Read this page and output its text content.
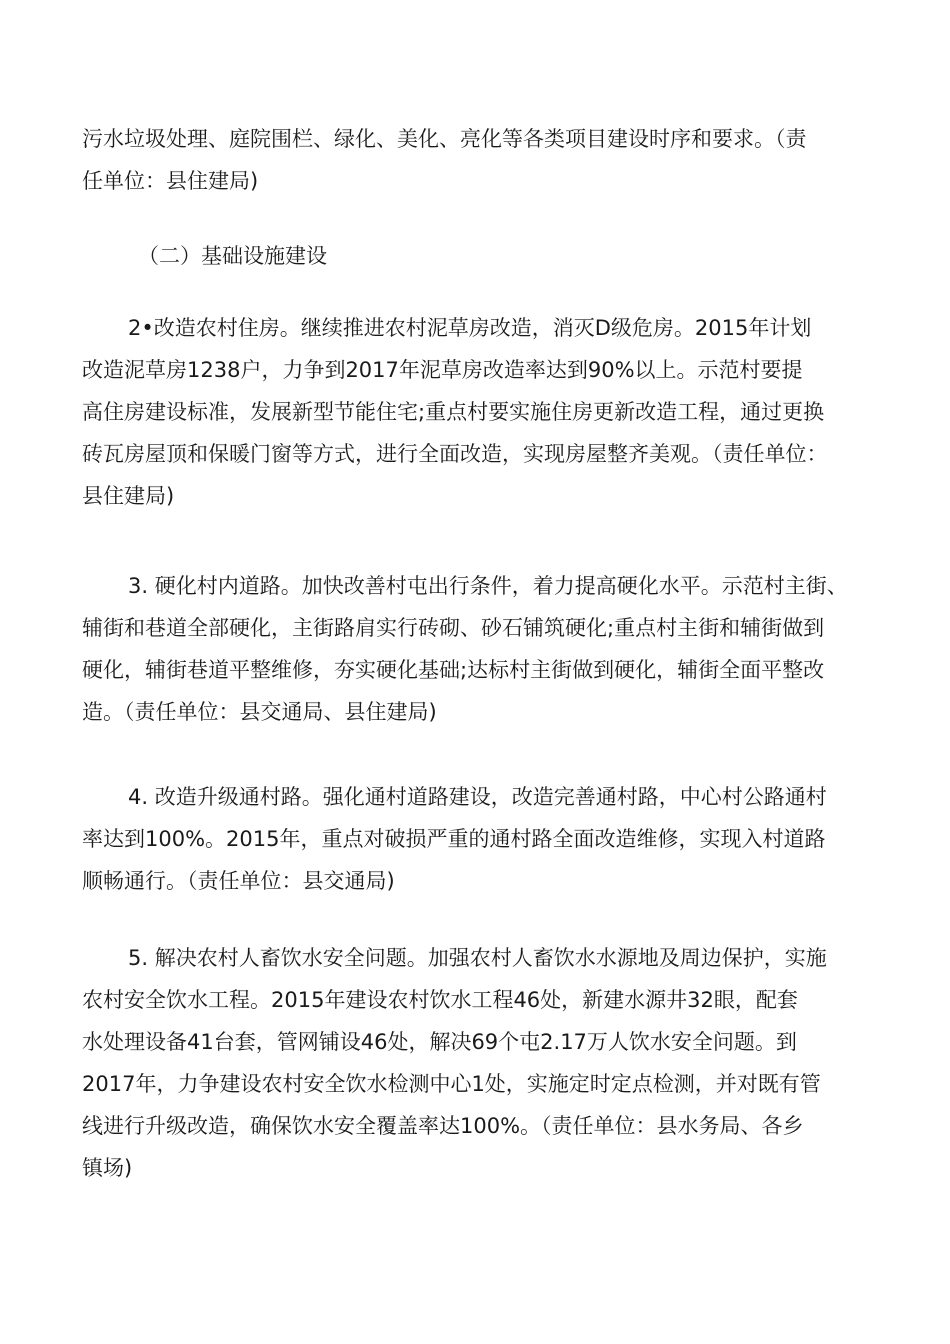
污水垃圾处理、庭院围栏、绿化、美化、亮化等各类项目建设时序和要求。（责
任单位：县住建局)
（二）基础设施建设
2•改造农村住房。继续推进农村泥草房改造，消灭D级危房。2015年计划
改造泥草房1238户，力争到2017年泥草房改造率达到90%以上。示范村要提
高住房建设标准，发展新型节能住宅;重点村要实施住房更新改造工程，通过更换
砖瓦房屋顶和保暖门窗等方式，进行全面改造，实现房屋整齐美观。（责任单位：
县住建局)
3. 硬化村内道路。加快改善村屯出行条件，着力提高硬化水平。示范村主街、
辅街和巷道全部硬化，主街路肩实行砖砌、砂石铺筑硬化;重点村主街和辅街做到
硬化，辅街巷道平整维修，夯实硬化基础;达标村主街做到硬化，辅街全面平整改
造。（责任单位：县交通局、县住建局)
4. 改造升级通村路。强化通村道路建设，改造完善通村路，中心村公路通村
率达到100%。2015年，重点对破损严重的通村路全面改造维修，实现入村道路
顺畅通行。（责任单位：县交通局)
5. 解决农村人畜饮水安全问题。加强农村人畜饮水水源地及周边保护，实施
农村安全饮水工程。2015年建设农村饮水工程46处，新建水源井32眼，配套
水处理设备41台套，管网铺设46处，解决69个屯2.17万人饮水安全问题。到
2017年，力争建设农村安全饮水检测中心1处，实施定时定点检测，并对既有管
线进行升级改造，确保饮水安全覆盖率达100%。（责任单位：县水务局、各乡
镇场)
